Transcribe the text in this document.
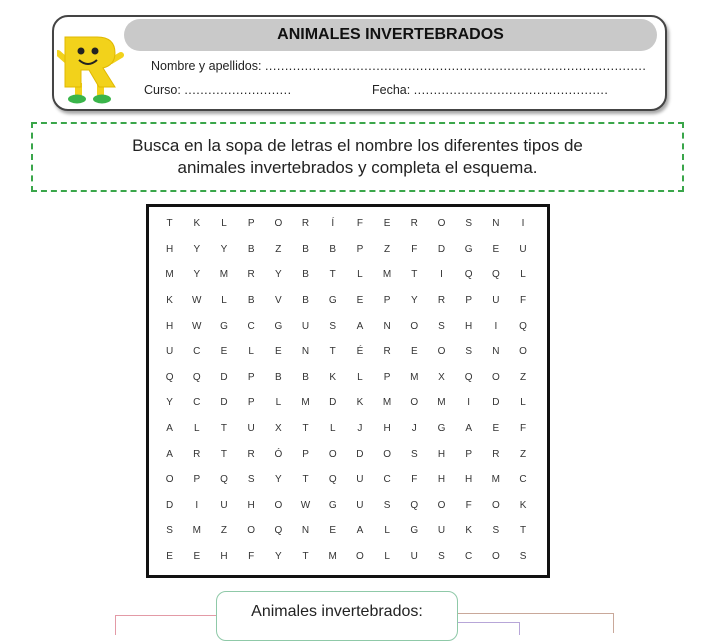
ANIMALES INVERTEBRADOS
R
Nombre y apellidos: ................................................................................................
Curso: ...........................	Fecha: .................................................
Busca en la sopa de letras el nombre los diferentes tipos de animales invertebrados y completa el esquema.
T	K	L	P	O	R	Í	F	E	R	O	S	N	I
H	Y	Y	B	Z	B	B	P	Z	F	D	G	E	U
M	Y	M	R	Y	B	T	L	M	T	I	Q	Q	L
K	W	L	B	V	B	G	E	P	Y	R	P	U	F
H	W	G	C	G	U	S	A	N	O	S	H	I	Q
U	C	E	L	E	N	T	É	R	E	O	S	N	O
Q	Q	D	P	B	B	K	L	P	M	X	Q	O	Z
Y	C	D	P	L	M	D	K	M	O	M	I	D	L
A	L	T	U	X	T	L	J	H	J	G	A	E	F
A	R	T	R	Ó	P	O	D	O	S	H	P	R	Z
O	P	Q	S	Y	T	Q	U	C	F	H	H	M	C
D	I	U	H	O	W	G	U	S	Q	O	F	O	K
S	M	Z	O	Q	N	E	A	L	G	U	K	S	T
E	E	H	F	Y	T	M	O	L	U	S	C	O	S
Animales invertebrados:
